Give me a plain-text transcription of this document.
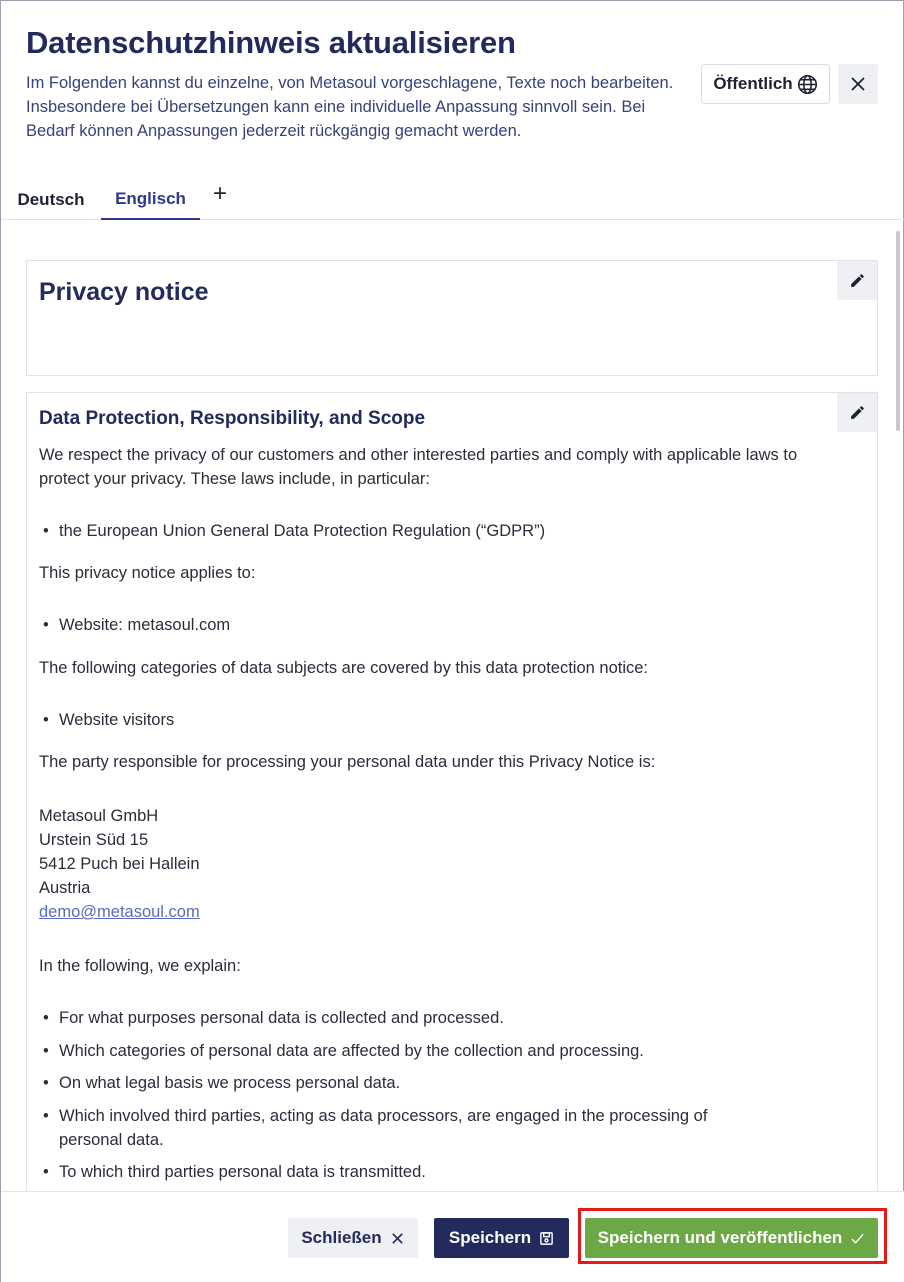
Datenschutzhinweis aktualisieren
Im Folgenden kannst du einzelne, von Metasoul vorgeschlagene, Texte noch bearbeiten. Insbesondere bei Übersetzungen kann eine individuelle Anpassung sinnvoll sein. Bei Bedarf können Anpassungen jederzeit rückgängig gemacht werden.
Öffentlich
Deutsch	Englisch	+
Privacy notice
Data Protection, Responsibility, and Scope
We respect the privacy of our customers and other interested parties and comply with applicable laws to protect your privacy. These laws include, in particular:
• the European Union General Data Protection Regulation (“GDPR”)
This privacy notice applies to:
• Website: metasoul.com
The following categories of data subjects are covered by this data protection notice:
• Website visitors
The party responsible for processing your personal data under this Privacy Notice is:
Metasoul GmbH
Urstein Süd 15
5412 Puch bei Hallein
Austria
demo@metasoul.com
In the following, we explain:
• For what purposes personal data is collected and processed.
• Which categories of personal data are affected by the collection and processing.
• On what legal basis we process personal data.
• Which involved third parties, acting as data processors, are engaged in the processing of personal data.
• To which third parties personal data is transmitted.
Schließen	Speichern	Speichern und veröffentlichen
